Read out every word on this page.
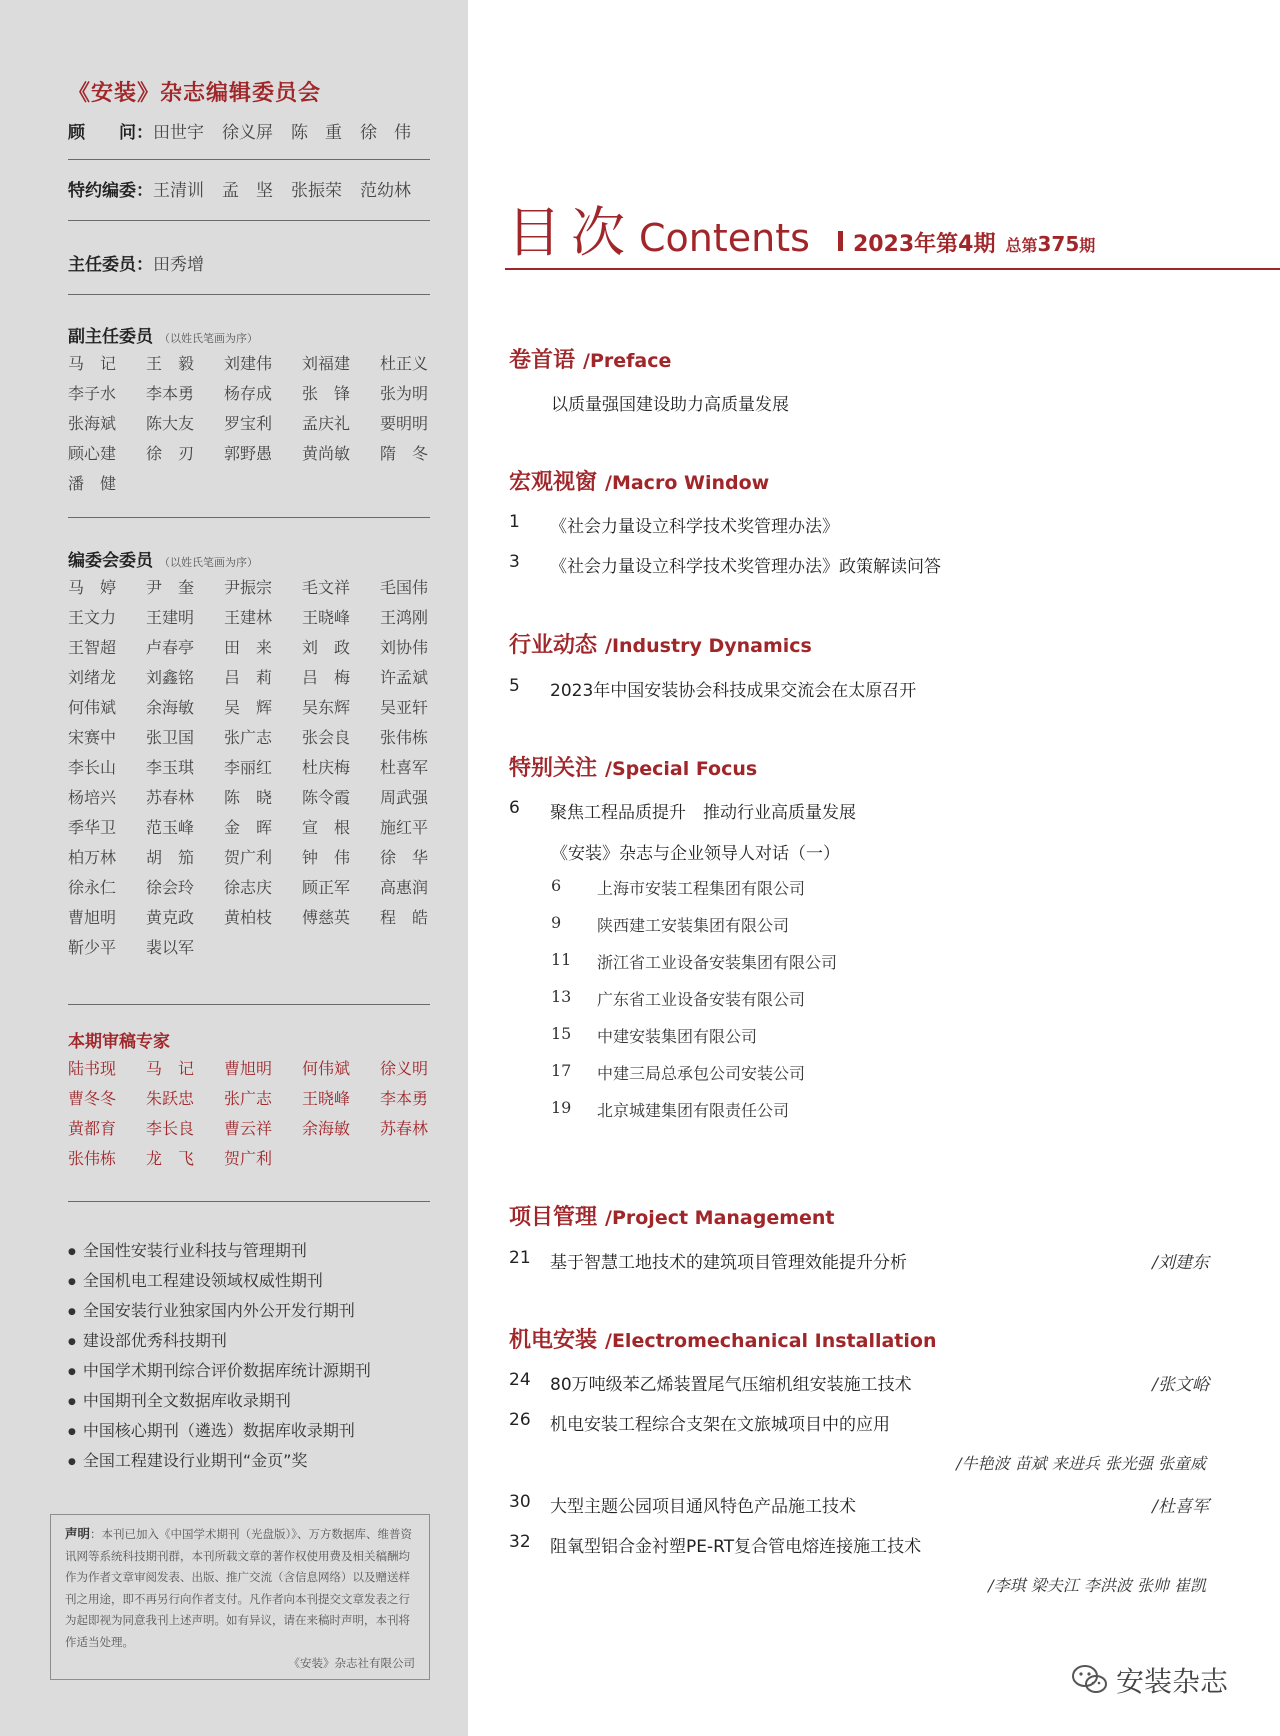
《安装》杂志编辑委员会
顾　　问： 田世宇 徐义屏 陈　重 徐　伟
特约编委： 王清训 孟　坚 张振荣 范幼林
主任委员： 田秀增
副主任委员 （以姓氏笔画为序）
马　记	王　毅	刘建伟	刘福建	杜正义
李子水	李本勇	杨存成	张　锋	张为明
张海斌	陈大友	罗宝利	孟庆礼	要明明
顾心建	徐　刃	郭野愚	黄尚敏	隋　冬
潘　健
编委会委员 （以姓氏笔画为序）
马　婷	尹　奎	尹振宗	毛文祥	毛国伟
王文力	王建明	王建林	王晓峰	王鸿刚
王智超	卢春亭	田　来	刘　政	刘协伟
刘绪龙	刘鑫铭	吕　莉	吕　梅	许孟斌
何伟斌	余海敏	吴　辉	吴东辉	吴亚轩
宋赛中	张卫国	张广志	张会良	张伟栋
李长山	李玉琪	李丽红	杜庆梅	杜喜军
杨培兴	苏春林	陈　晓	陈令霞	周武强
季华卫	范玉峰	金　晖	宣　根	施红平
柏万林	胡　笳	贺广利	钟　伟	徐　华
徐永仁	徐会玲	徐志庆	顾正军	高惠润
曹旭明	黄克政	黄柏枝	傅慈英	程　皓
靳少平	裴以军
本期审稿专家
陆书现	马　记	曹旭明	何伟斌	徐义明
曹冬冬	朱跃忠	张广志	王晓峰	李本勇
黄都育	李长良	曹云祥	余海敏	苏春林
张伟栋	龙　飞	贺广利
● 全国性安装行业科技与管理期刊
● 全国机电工程建设领域权威性期刊
● 全国安装行业独家国内外公开发行期刊
● 建设部优秀科技期刊
● 中国学术期刊综合评价数据库统计源期刊
● 中国期刊全文数据库收录期刊
● 中国核心期刊（遴选）数据库收录期刊
● 全国工程建设行业期刊“金页”奖
声明：本刊已加入《中国学术期刊（光盘版）》、万方数据库、维普资讯网等系统科技期刊群，本刊所载文章的著作权使用费及相关稿酬均作为作者文章审阅发表、出版、推广交流（含信息网络）以及赠送样刊之用途，即不再另行向作者支付。凡作者向本刊提交文章发表之行为起即视为同意我刊上述声明。如有异议，请在来稿时声明，本刊将作适当处理。
《安装》杂志社有限公司
目次 Contents 2023年第4期 总第375期
卷首语 /Preface
以质量强国建设助力高质量发展
宏观视窗 /Macro Window
1	《社会力量设立科学技术奖管理办法》
3	《社会力量设立科学技术奖管理办法》政策解读问答
行业动态 /Industry Dynamics
5	2023年中国安装协会科技成果交流会在太原召开
特别关注 /Special Focus
6	聚焦工程品质提升　推动行业高质量发展
《安装》杂志与企业领导人对话（一）
6	上海市安装工程集团有限公司
9	陕西建工安装集团有限公司
11	浙江省工业设备安装集团有限公司
13	广东省工业设备安装有限公司
15	中建安装集团有限公司
17	中建三局总承包公司安装公司
19	北京城建集团有限责任公司
项目管理 /Project Management
21	基于智慧工地技术的建筑项目管理效能提升分析	/刘建东
机电安装 /Electromechanical Installation
24	80万吨级苯乙烯装置尾气压缩机组安装施工技术	/张文峪
26	机电安装工程综合支架在文旅城项目中的应用
/牛艳波 苗斌 来进兵 张光强 张童威
30	大型主题公园项目通风特色产品施工技术	/杜喜军
32	阻氧型铝合金衬塑PE-RT复合管电熔连接施工技术
/李琪 梁夫江 李洪波 张帅 崔凯
安装杂志
